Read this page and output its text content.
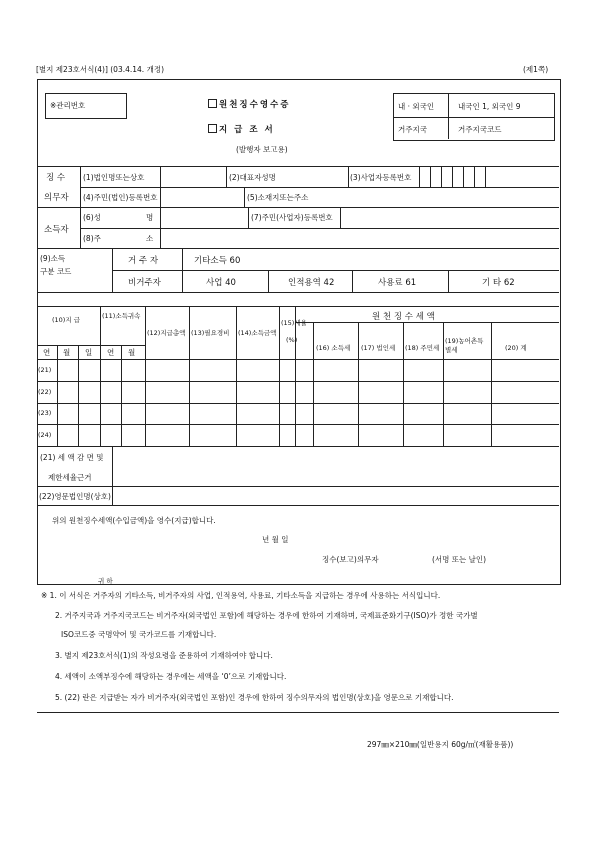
[별지 제23호서식(4)] (03.4.14. 개정)	(제1쪽)
※관리번호	원천징수영수증
지 급 조 서
(발행자 보고용)
내 · 외국인	내국인 1, 외국인 9
거주지국	거주지국코드
징 수
의무자
(1)법인명또는상호	(2)대표자성명	(3)사업자등록번호
(4)주민(법인)등록번호	(5)소재지또는주소
소득자
(6)성	명	(7)주민(사업자)등록번호
(8)주	소
(9)소득 구분 코드
거 주 자	기타소득 60
비거주자	사업 40	인적용역 42	사용료 61	기 타 62
(10)지 급	(11)소득귀속
(12)지급총액 (13)필요경비 (14)소득금액
(15)세율
(%)
원 천 징 수 세 액
(16) 소득세 (17) 법인세 (18) 주민세
(19)농어촌특별세	(20) 계
연 월 일 연 월
(21)
(22)
(23)
(24)
(21) 세 액 감 면 및
제한세율근거
(22)영문법인명(상호)
위의 원천징수세액(수입금액)을 영수(지급)합니다.
년 월 일
징수(보고)의무자	(서명 또는 날인)
귀 하
※ 1. 이 서식은 거주자의 기타소득, 비거주자의 사업, 인적용역, 사용료, 기타소득을 지급하는 경우에 사용하는 서식입니다.
2. 거주지국과 거주지국코드는 비거주자(외국법인 포함)에 해당하는 경우에 한하여 기재하며, 국제표준화기구(ISO)가 정한 국가별
ISO코드중 국명약어 및 국가코드를 기재합니다.
3. 별지 제23호서식(1)의 작성요령을 준용하여 기재하여야 합니다.
4. 세액이 소액부징수에 해당하는 경우에는 세액을 ‘0’으로 기재합니다.
5. (22) 란은 지급받는 자가 비거주자(외국법인 포함)인 경우에 한하여 징수의무자의 법인명(상호)을 영문으로 기재합니다.
297㎜×210㎜(일반용지 60g/㎡(재활용품))
